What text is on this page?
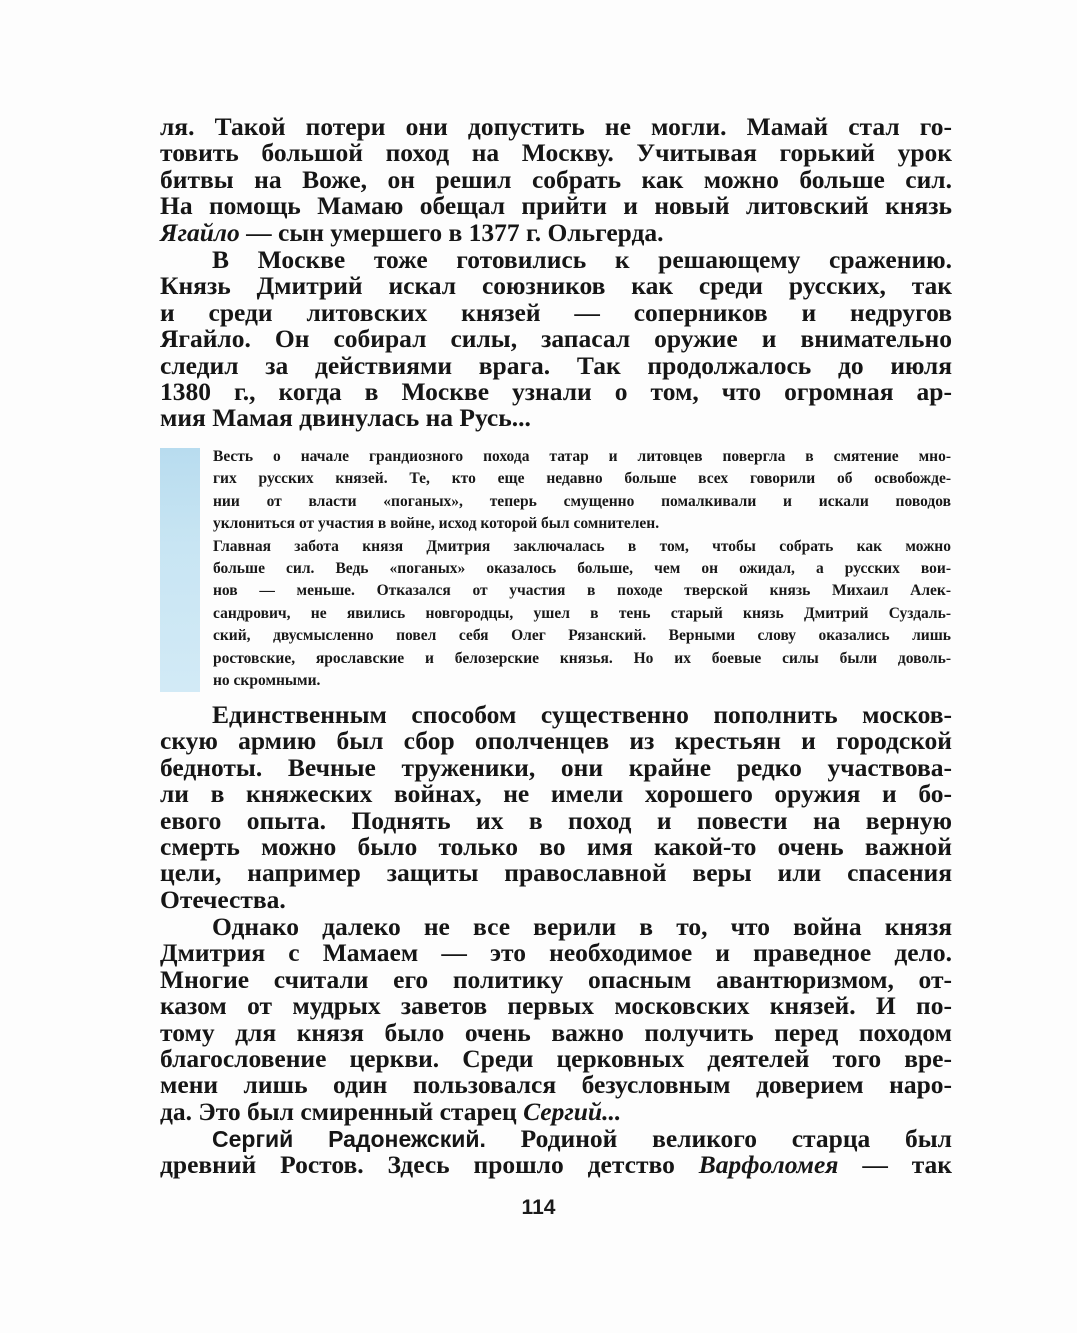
ля. Такой потери они допустить не могли. Мамай стал го-
товить большой поход на Москву. Учитывая горький урок
битвы на Воже, он решил собрать как можно больше сил.
На помощь Мамаю обещал прийти и новый литовский князь
Ягайло — сын умершего в 1377 г. Ольгерда.
В Москве тоже готовились к решающему сражению.
Князь Дмитрий искал союзников как среди русских, так
и среди литовских князей — соперников и недругов
Ягайло. Он собирал силы, запасал оружие и внимательно
следил за действиями врага. Так продолжалось до июля
1380 г., когда в Москве узнали о том, что огромная ар-
мия Мамая двинулась на Русь...
Весть о начале грандиозного похода татар и литовцев повергла в смятение мно-
гих русских князей. Те, кто еще недавно больше всех говорили об освобожде-
нии от власти «поганых», теперь смущенно помалкивали и искали поводов
уклониться от участия в войне, исход которой был сомнителен.
Главная забота князя Дмитрия заключалась в том, чтобы собрать как можно
больше сил. Ведь «поганых» оказалось больше, чем он ожидал, а русских вои-
нов — меньше. Отказался от участия в походе тверской князь Михаил Алек-
сандрович, не явились новгородцы, ушел в тень старый князь Дмитрий Суздаль-
ский, двусмысленно повел себя Олег Рязанский. Верными слову оказались лишь
ростовские, ярославские и белозерские князья. Но их боевые силы были доволь-
но скромными.
Единственным способом существенно пополнить москов-
скую армию был сбор ополченцев из крестьян и городской
бедноты. Вечные труженики, они крайне редко участвова-
ли в княжеских войнах, не имели хорошего оружия и бо-
евого опыта. Поднять их в поход и повести на верную
смерть можно было только во имя какой-то очень важной
цели, например защиты православной веры или спасения
Отечества.
Однако далеко не все верили в то, что война князя
Дмитрия с Мамаем — это необходимое и праведное дело.
Многие считали его политику опасным авантюризмом, от-
казом от мудрых заветов первых московских князей. И по-
тому для князя было очень важно получить перед походом
благословение церкви. Среди церковных деятелей того вре-
мени лишь один пользовался безусловным доверием наро-
да. Это был смиренный старец Сергий...
Сергий Радонежский. Родиной великого старца был
древний Ростов. Здесь прошло детство Варфоломея — так
114
